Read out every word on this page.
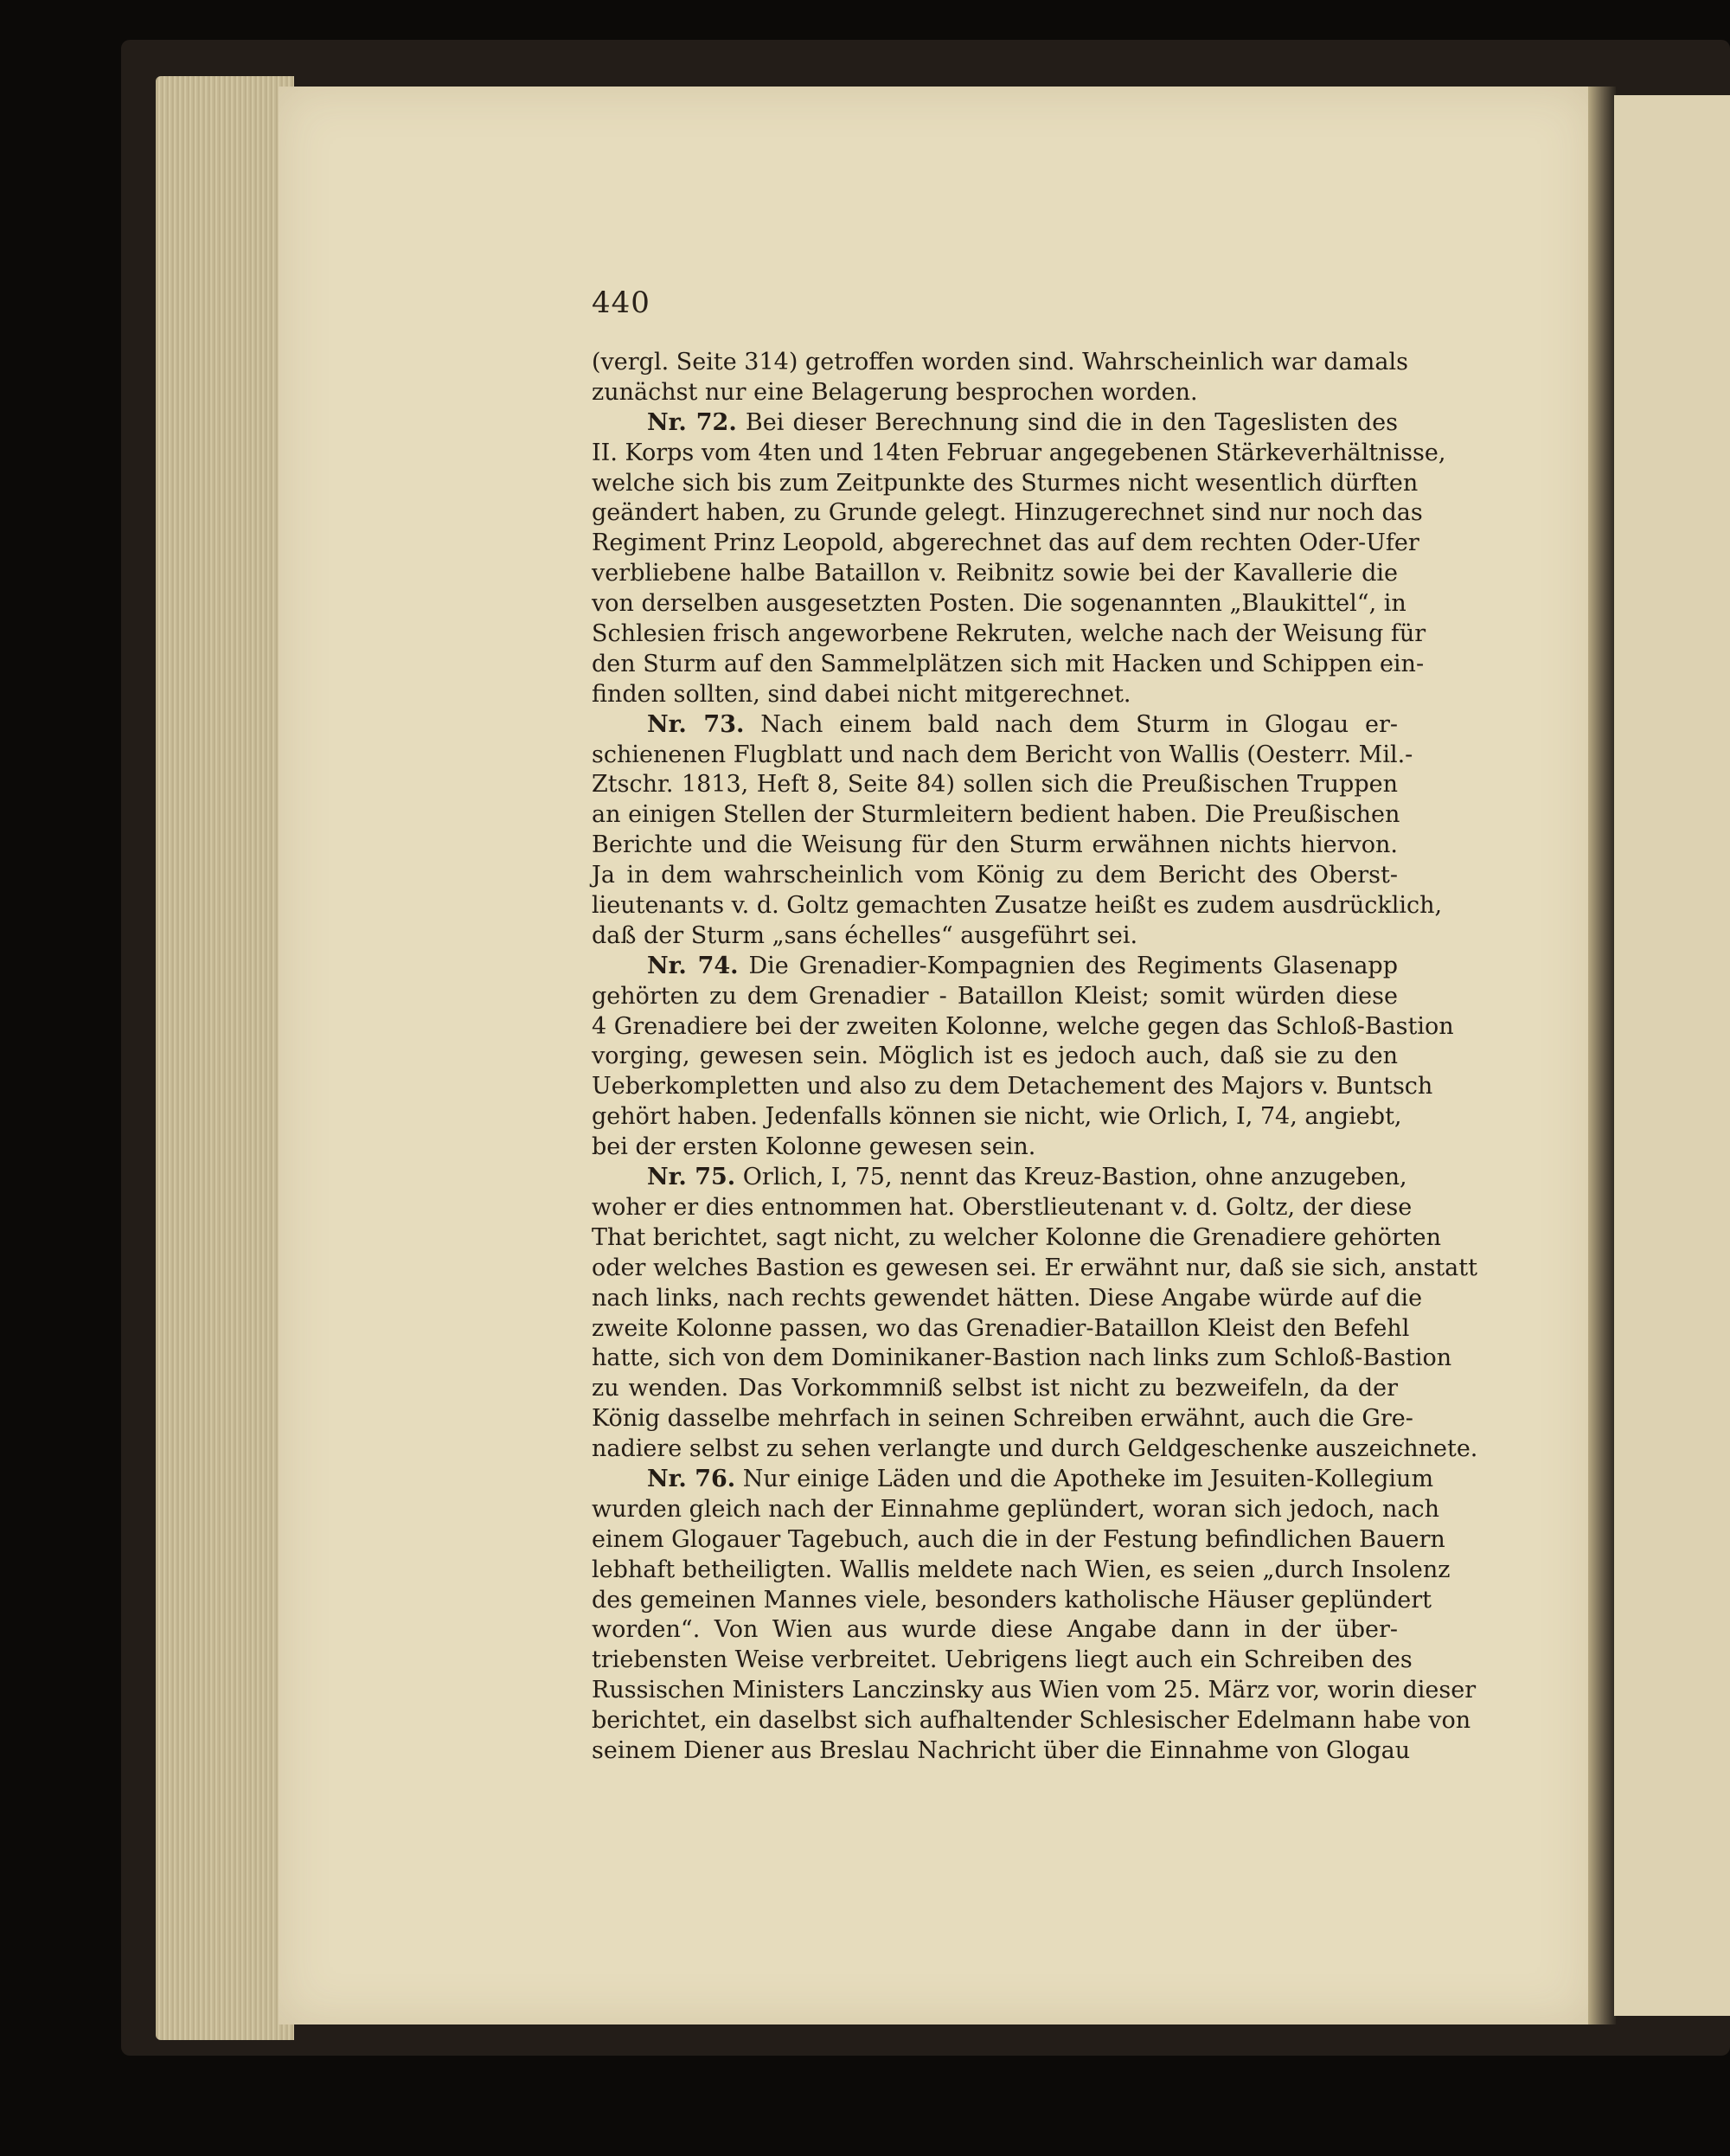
440
(vergl. Seite 314) getroffen worden sind. Wahrscheinlich war damals
zunächst nur eine Belagerung besprochen worden.
Nr. 72. Bei dieser Berechnung sind die in den Tageslisten des
II. Korps vom 4ten und 14ten Februar angegebenen Stärkeverhältnisse,
welche sich bis zum Zeitpunkte des Sturmes nicht wesentlich dürften
geändert haben, zu Grunde gelegt. Hinzugerechnet sind nur noch das
Regiment Prinz Leopold, abgerechnet das auf dem rechten Oder-Ufer
verbliebene halbe Bataillon v. Reibnitz sowie bei der Kavallerie die
von derselben ausgesetzten Posten. Die sogenannten „Blaukittel“, in
Schlesien frisch angeworbene Rekruten, welche nach der Weisung für
den Sturm auf den Sammelplätzen sich mit Hacken und Schippen ein-
finden sollten, sind dabei nicht mitgerechnet.
Nr. 73. Nach einem bald nach dem Sturm in Glogau er-
schienenen Flugblatt und nach dem Bericht von Wallis (Oesterr. Mil.-
Ztschr. 1813, Heft 8, Seite 84) sollen sich die Preußischen Truppen
an einigen Stellen der Sturmleitern bedient haben. Die Preußischen
Berichte und die Weisung für den Sturm erwähnen nichts hiervon.
Ja in dem wahrscheinlich vom König zu dem Bericht des Oberst-
lieutenants v. d. Goltz gemachten Zusatze heißt es zudem ausdrücklich,
daß der Sturm „sans échelles“ ausgeführt sei.
Nr. 74. Die Grenadier-Kompagnien des Regiments Glasenapp
gehörten zu dem Grenadier - Bataillon Kleist; somit würden diese
4 Grenadiere bei der zweiten Kolonne, welche gegen das Schloß-Bastion
vorging, gewesen sein. Möglich ist es jedoch auch, daß sie zu den
Ueberkompletten und also zu dem Detachement des Majors v. Buntsch
gehört haben. Jedenfalls können sie nicht, wie Orlich, I, 74, angiebt,
bei der ersten Kolonne gewesen sein.
Nr. 75. Orlich, I, 75, nennt das Kreuz-Bastion, ohne anzugeben,
woher er dies entnommen hat. Oberstlieutenant v. d. Goltz, der diese
That berichtet, sagt nicht, zu welcher Kolonne die Grenadiere gehörten
oder welches Bastion es gewesen sei. Er erwähnt nur, daß sie sich, anstatt
nach links, nach rechts gewendet hätten. Diese Angabe würde auf die
zweite Kolonne passen, wo das Grenadier-Bataillon Kleist den Befehl
hatte, sich von dem Dominikaner-Bastion nach links zum Schloß-Bastion
zu wenden. Das Vorkommniß selbst ist nicht zu bezweifeln, da der
König dasselbe mehrfach in seinen Schreiben erwähnt, auch die Gre-
nadiere selbst zu sehen verlangte und durch Geldgeschenke auszeichnete.
Nr. 76. Nur einige Läden und die Apotheke im Jesuiten-Kollegium
wurden gleich nach der Einnahme geplündert, woran sich jedoch, nach
einem Glogauer Tagebuch, auch die in der Festung befindlichen Bauern
lebhaft betheiligten. Wallis meldete nach Wien, es seien „durch Insolenz
des gemeinen Mannes viele, besonders katholische Häuser geplündert
worden“. Von Wien aus wurde diese Angabe dann in der über-
triebensten Weise verbreitet. Uebrigens liegt auch ein Schreiben des
Russischen Ministers Lanczinsky aus Wien vom 25. März vor, worin dieser
berichtet, ein daselbst sich aufhaltender Schlesischer Edelmann habe von
seinem Diener aus Breslau Nachricht über die Einnahme von Glogau
